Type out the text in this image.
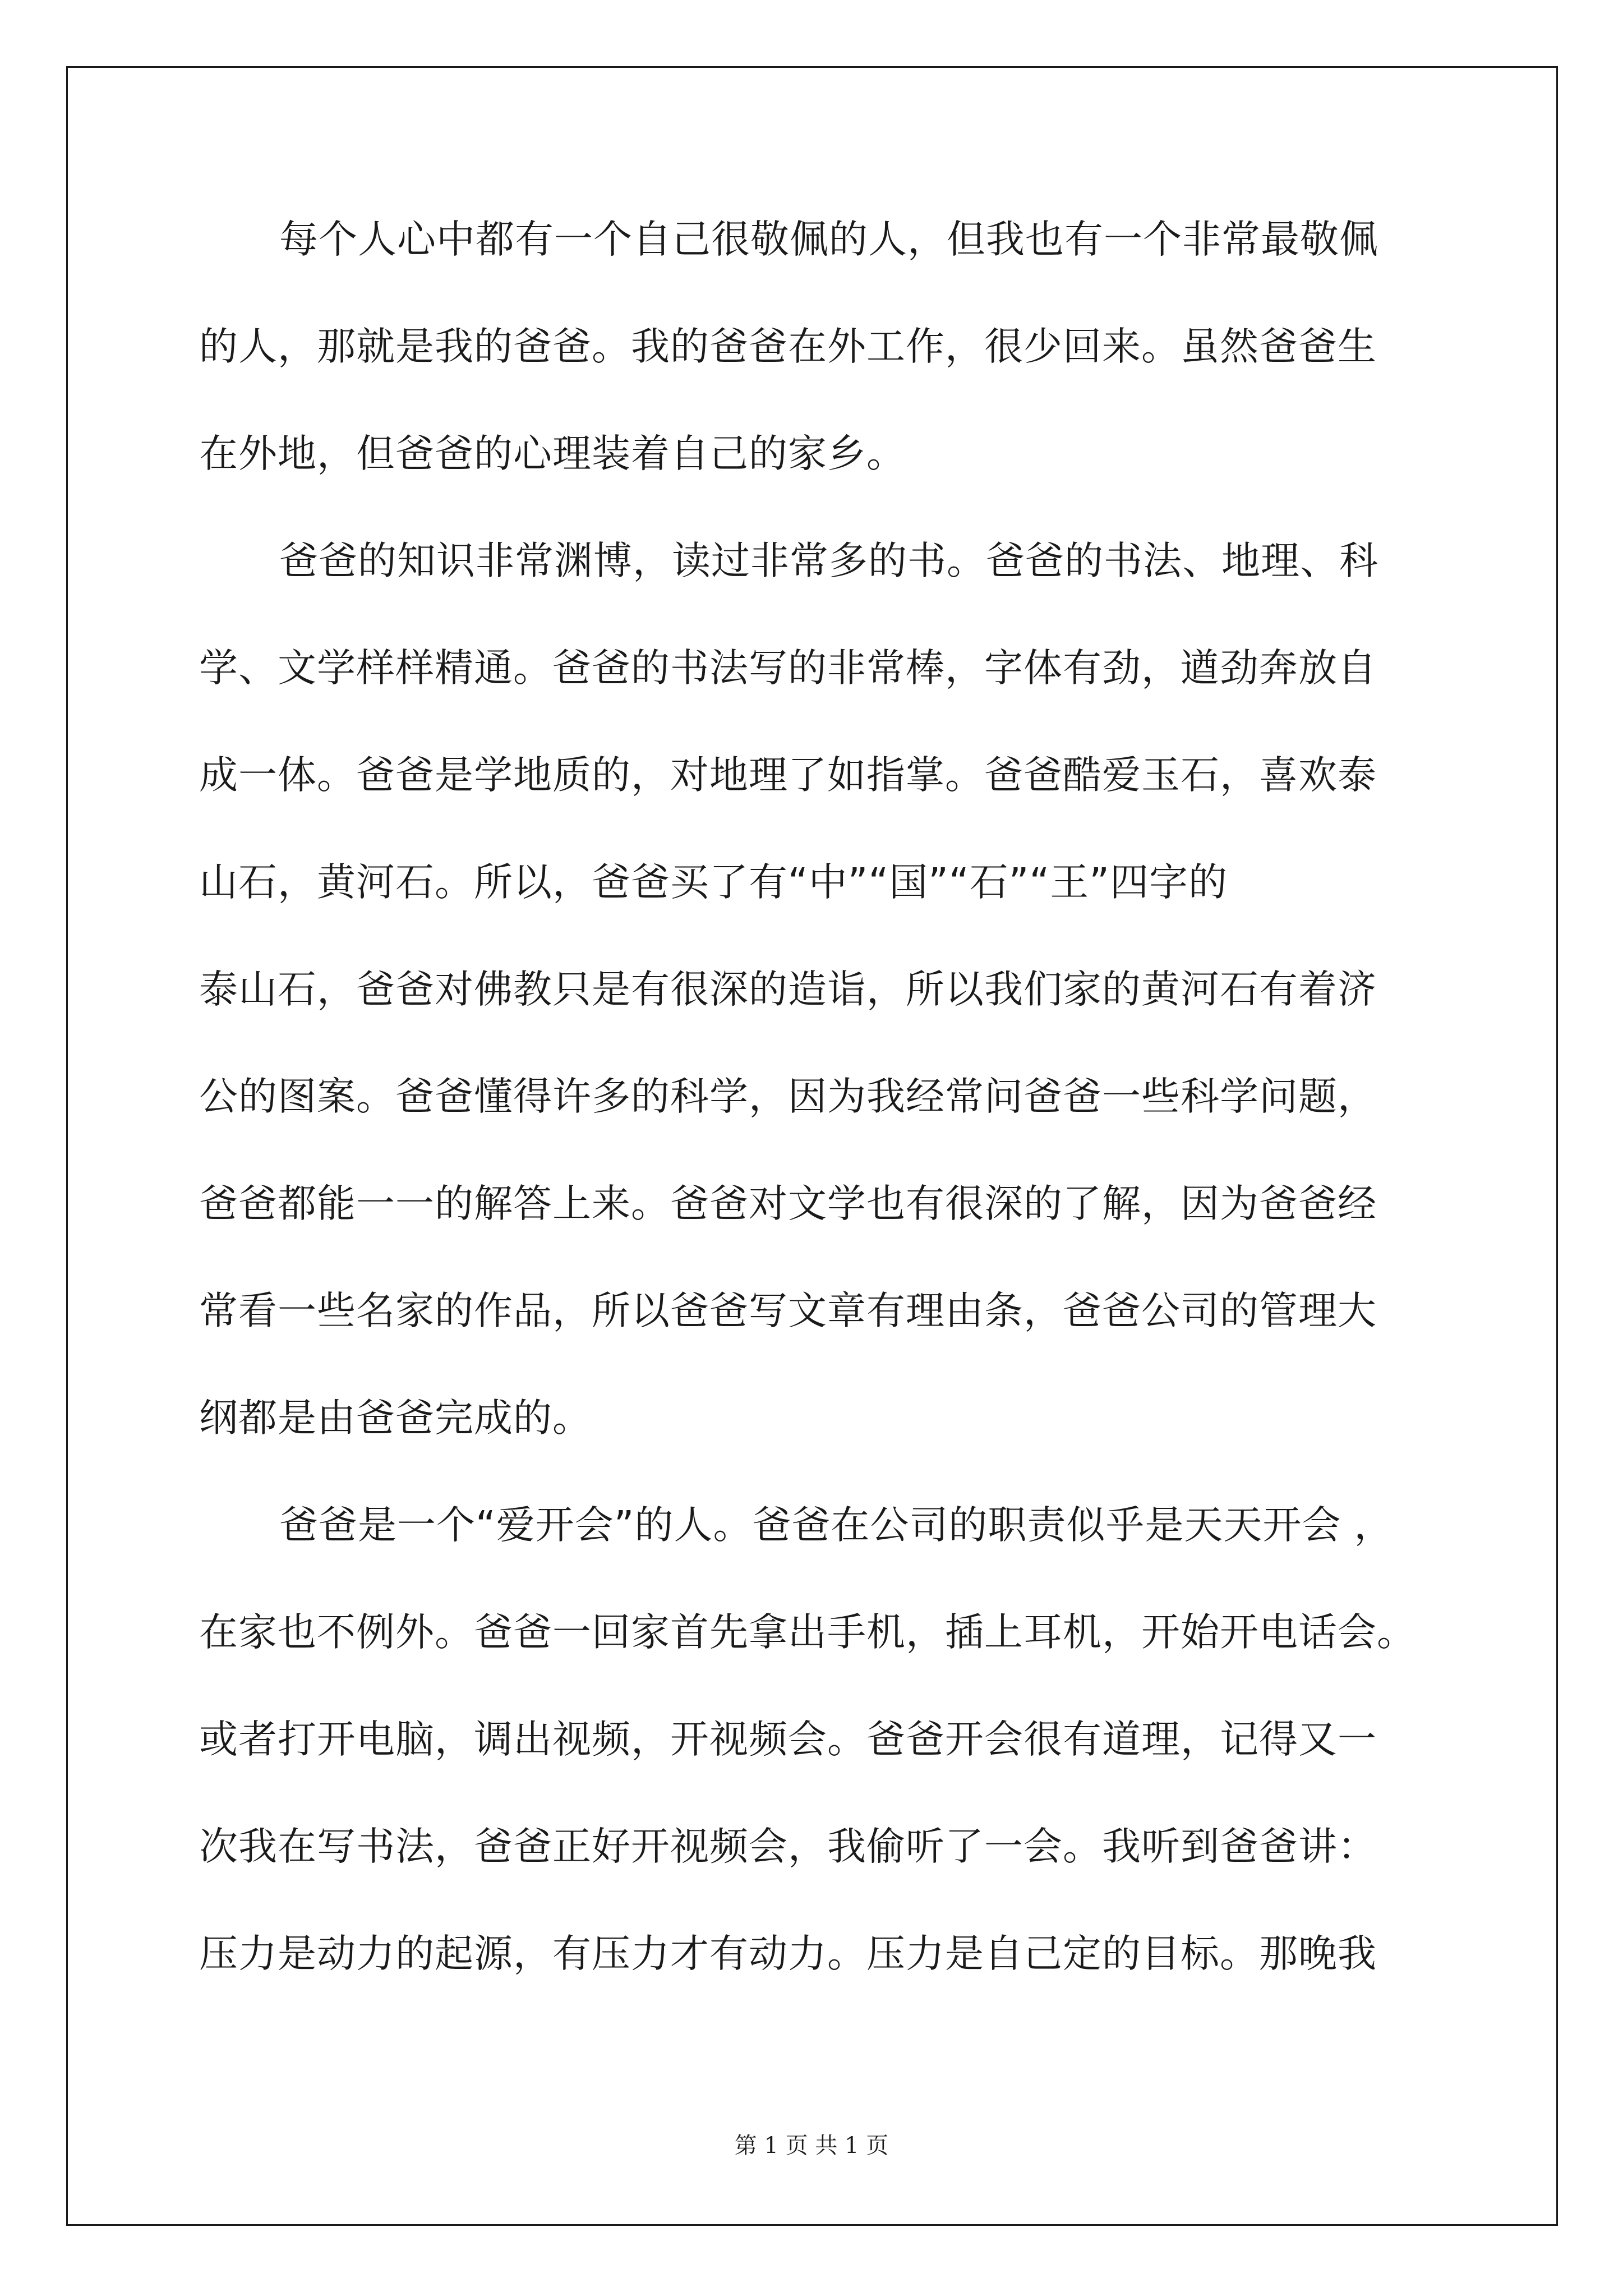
每个人心中都有一个自己很敬佩的人，但我也有一个非常最敬佩
的人，那就是我的爸爸。我的爸爸在外工作，很少回来。虽然爸爸生
在外地，但爸爸的心理装着自己的家乡。
爸爸的知识非常渊博，读过非常多的书。爸爸的书法、地理、科
学、文学样样精通。爸爸的书法写的非常棒，字体有劲，遒劲奔放自
成一体。爸爸是学地质的，对地理了如指掌。爸爸酷爱玉石，喜欢泰
山石，黄河石。所以，爸爸买了有“中”“国”“石”“王”四字的
泰山石，爸爸对佛教只是有很深的造诣，所以我们家的黄河石有着济
公的图案。爸爸懂得许多的科学，因为我经常问爸爸一些科学问题，
爸爸都能一一的解答上来。爸爸对文学也有很深的了解，因为爸爸经
常看一些名家的作品，所以爸爸写文章有理由条，爸爸公司的管理大
纲都是由爸爸完成的。
爸爸是一个“爱开会”的人。爸爸在公司的职责似乎是天天开会 ，
在家也不例外。爸爸一回家首先拿出手机，插上耳机，开始开电话会。
或者打开电脑，调出视频，开视频会。爸爸开会很有道理，记得又一
次我在写书法，爸爸正好开视频会，我偷听了一会。我听到爸爸讲：
压力是动力的起源，有压力才有动力。压力是自己定的目标。那晚我
第 1 页 共 1 页
